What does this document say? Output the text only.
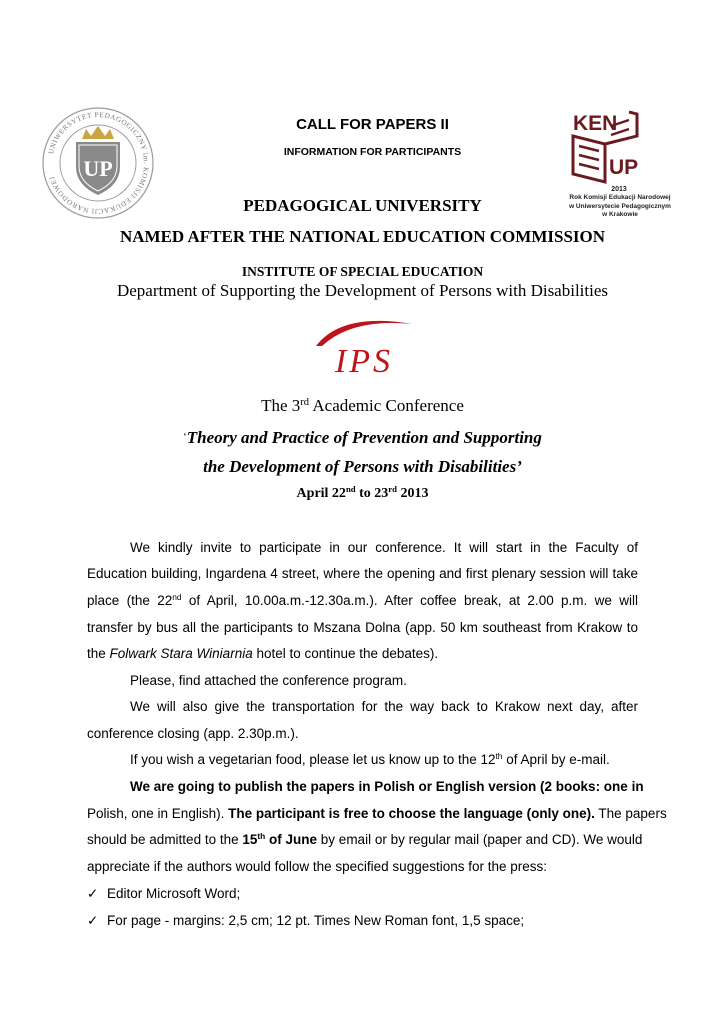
UNIWERSYTET PEDAGOGICZNY im. KOMISJI EDUKACJI NARODOWEJ	UP
KEN
UP
2013
Rok Komisji Edukacji Narodowej
w Uniwersytecie Pedagogicznym
w Krakowie
CALL FOR PAPERS II
INFORMATION FOR PARTICIPANTS
PEDAGOGICAL UNIVERSITY
NAMED AFTER THE NATIONAL EDUCATION COMMISSION
INSTITUTE OF SPECIAL EDUCATION
Department of Supporting the Development of Persons with Disabilities
IPS
The 3rd Academic Conference
‘Theory and Practice of Prevention and Supporting
the Development of Persons with Disabilities’
April 22nd to 23rd 2013
We kindly invite to participate in our conference. It will start in the Faculty of
Education building, Ingardena 4 street, where the opening and first plenary session will take
place (the 22nd of April, 10.00a.m.-12.30a.m.). After coffee break, at 2.00 p.m. we will
transfer by bus all the participants to Mszana Dolna (app. 50 km southeast from Krakow to
the Folwark Stara Winiarnia hotel to continue the debates).
Please, find attached the conference program.
We will also give the transportation for the way back to Krakow next day, after
conference closing (app. 2.30p.m.).
If you wish a vegetarian food, please let us know up to the 12th of April by e-mail.
We are going to publish the papers in Polish or English version (2 books: one in
Polish, one in English). The participant is free to choose the language (only one). The papers
should be admitted to the 15th of June by email or by regular mail (paper and CD). We would
appreciate if the authors would follow the specified suggestions for the press:
✓ Editor Microsoft Word;
✓ For page - margins: 2,5 cm; 12 pt. Times New Roman font, 1,5 space;
